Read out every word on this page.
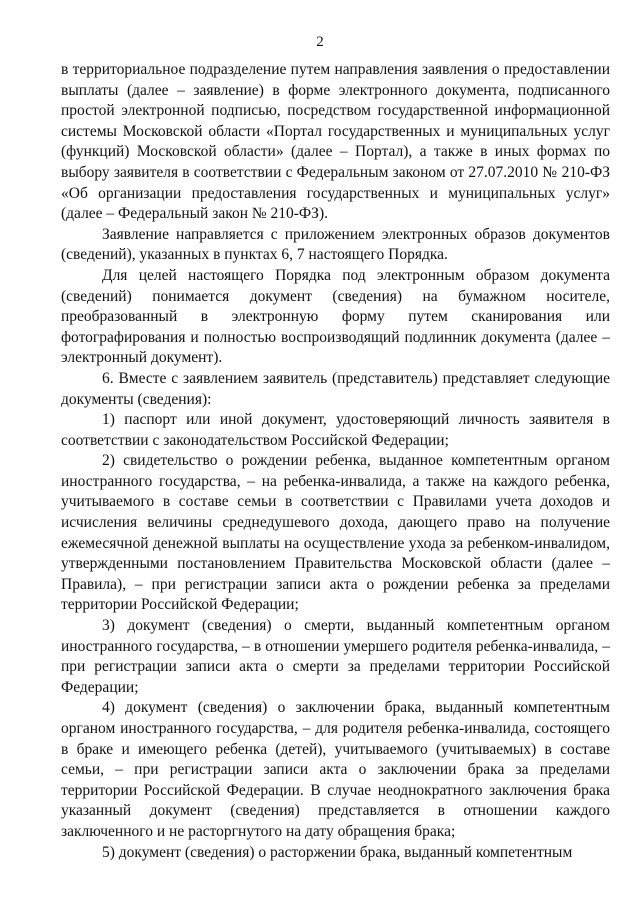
2

в территориальное подразделение путем направления заявления о предоставлении выплаты (далее – заявление) в форме электронного документа, подписанного простой электронной подписью, посредством государственной информационной системы Московской области «Портал государственных и муниципальных услуг (функций) Московской области» (далее – Портал), а также в иных формах по выбору заявителя в соответствии с Федеральным законом от 27.07.2010 № 210-ФЗ «Об организации предоставления государственных и муниципальных услуг» (далее – Федеральный закон № 210-ФЗ).

Заявление направляется с приложением электронных образов документов (сведений), указанных в пунктах 6, 7 настоящего Порядка.

Для целей настоящего Порядка под электронным образом документа (сведений) понимается документ (сведения) на бумажном носителе, преобразованный в электронную форму путем сканирования или фотографирования и полностью воспроизводящий подлинник документа (далее – электронный документ).

6. Вместе с заявлением заявитель (представитель) представляет следующие документы (сведения):

1) паспорт или иной документ, удостоверяющий личность заявителя в соответствии с законодательством Российской Федерации;

2) свидетельство о рождении ребенка, выданное компетентным органом иностранного государства, – на ребенка-инвалида, а также на каждого ребенка, учитываемого в составе семьи в соответствии с Правилами учета доходов и исчисления величины среднедушевого дохода, дающего право на получение ежемесячной денежной выплаты на осуществление ухода за ребенком-инвалидом, утвержденными постановлением Правительства Московской области (далее – Правила), – при регистрации записи акта о рождении ребенка за пределами территории Российской Федерации;

3) документ (сведения) о смерти, выданный компетентным органом иностранного государства, – в отношении умершего родителя ребенка-инвалида, – при регистрации записи акта о смерти за пределами территории Российской Федерации;

4) документ (сведения) о заключении брака, выданный компетентным органом иностранного государства, – для родителя ребенка-инвалида, состоящего в браке и имеющего ребенка (детей), учитываемого (учитываемых) в составе семьи, – при регистрации записи акта о заключении брака за пределами территории Российской Федерации. В случае неоднократного заключения брака указанный документ (сведения) представляется в отношении каждого заключенного и не расторгнутого на дату обращения брака;

5) документ (сведения) о расторжении брака, выданный компетентным
